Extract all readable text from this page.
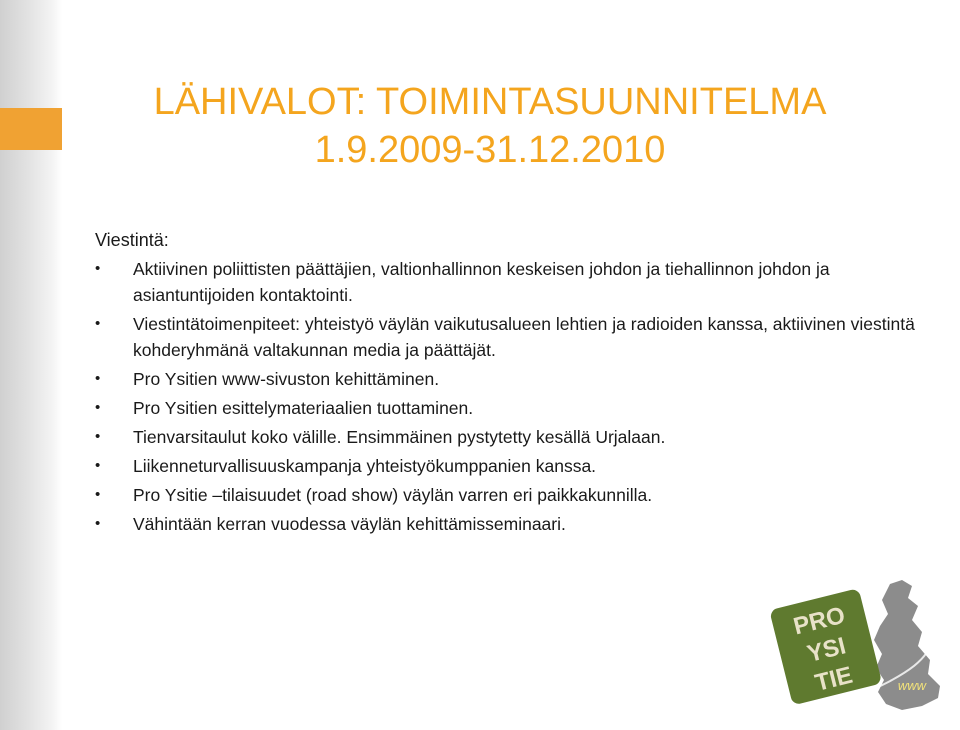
LÄHIVALOT: TOIMINTASUUNNITELMA
1.9.2009-31.12.2010
Viestintä:
• Aktiivinen poliittisten päättäjien, valtionhallinnon keskeisen johdon ja tiehallinnon johdon ja asiantuntijoiden kontaktointi.
• Viestintätoimenpiteet: yhteistyö väylän vaikutusalueen lehtien ja radioiden kanssa, aktiivinen viestintä kohderyhmänä valtakunnan media ja päättäjät.
• Pro Ysitien www-sivuston kehittäminen.
• Pro Ysitien esittelymateriaalien tuottaminen.
• Tienvarsitaulut koko välille. Ensimmäinen pystytetty kesällä Urjalaan.
• Liikenneturvallisuuskampanja yhteistyökumppanien kanssa.
• Pro Ysitie –tilaisuudet (road show) väylän varren eri paikkakunnilla.
• Vähintään kerran vuodessa väylän kehittämisseminaari.
PRO
YSI
TIE	www
